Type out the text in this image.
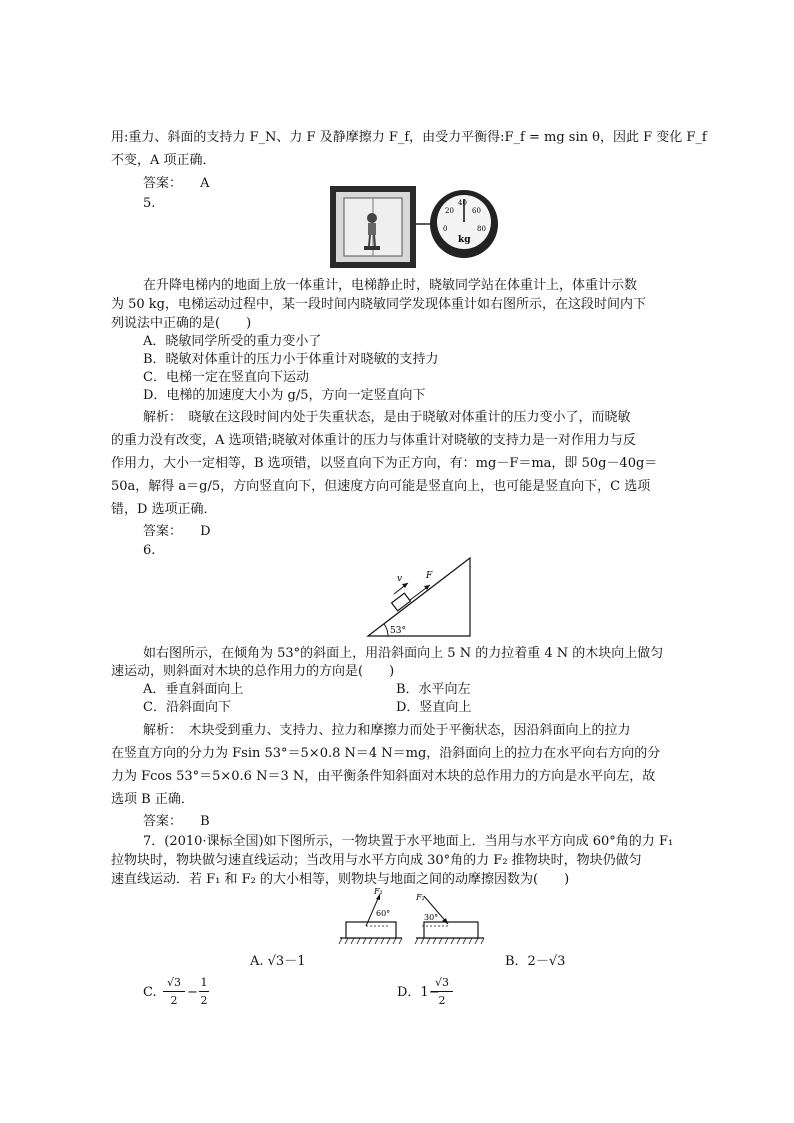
用:重力、斜面的支持力 F_N、力 F 及静摩擦力 F_f，由受力平衡得:F_f = mg sin θ，因此 F 变化 F_f
不变，A 项正确．
答案： A
5.
0
20
40
60
80
kg
在升降电梯内的地面上放一体重计，电梯静止时，晓敏同学站在体重计上，体重计示数
为 50 kg，电梯运动过程中，某一段时间内晓敏同学发现体重计如右图所示，在这段时间内下
列说法中正确的是(　　)
A．晓敏同学所受的重力变小了
B．晓敏对体重计的压力小于体重计对晓敏的支持力
C．电梯一定在竖直向下运动
D．电梯的加速度大小为 g/5，方向一定竖直向下
解析：　晓敏在这段时间内处于失重状态，是由于晓敏对体重计的压力变小了，而晓敏
的重力没有改变，A 选项错;晓敏对体重计的压力与体重计对晓敏的支持力是一对作用力与反
作用力，大小一定相等，B 选项错，以竖直向下为正方向，有：mg－F＝ma，即 50g－40g＝
50a，解得 a＝g/5，方向竖直向下，但速度方向可能是竖直向上，也可能是竖直向下，C 选项
错，D 选项正确．
答案： D
6.
v	F
53°
如右图所示，在倾角为 53°的斜面上，用沿斜面向上 5 N 的力拉着重 4 N 的木块向上做匀
速运动，则斜面对木块的总作用力的方向是(　　)
A．垂直斜面向上	B．水平向左
C．沿斜面向下	D．竖直向上
解析：　木块受到重力、支持力、拉力和摩擦力而处于平衡状态，因沿斜面向上的拉力
在竖直方向的分力为 Fsin 53°＝5×0.8 N＝4 N＝mg，沿斜面向上的拉力在水平向右方向的分
力为 Fcos 53°＝5×0.6 N＝3 N，由平衡条件知斜面对木块的总作用力的方向是水平向左，故
选项 B 正确．
答案： B
7．(2010·课标全国)如下图所示，一物块置于水平地面上．当用与水平方向成 60°角的力 F₁
拉物块时，物块做匀速直线运动；当改用与水平方向成 30°角的力 F₂ 推物块时，物块仍做匀
速直线运动．若 F₁ 和 F₂ 的大小相等，则物块与地面之间的动摩擦因数为(　　)
F₁
60°
F₂
30°
A. √3－1	B．2－√3
C.
√3
2
−
1
2
D．1−
√3
2
